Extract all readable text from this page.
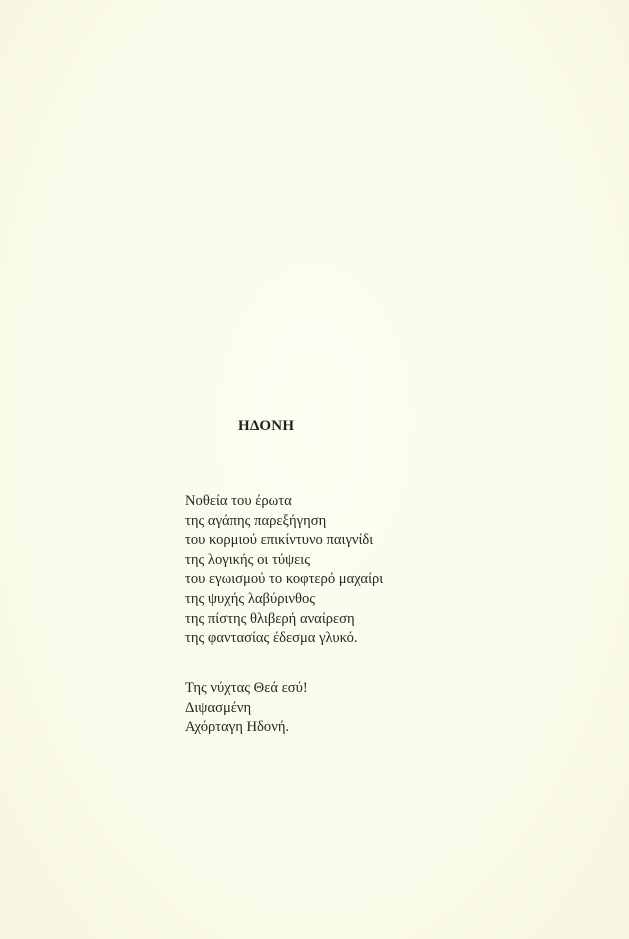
ΗΔΟΝΗ
Νοθεία του έρωτα
της αγάπης παρεξήγηση
του κορμιού επικίντυνο παιγνίδι
της λογικής οι τύψεις
του εγωισμού το κοφτερό μαχαίρι
της ψυχής λαβύρινθος
της πίστης θλιβερή αναίρεση
της φαντασίας έδεσμα γλυκό.
Της νύχτας Θεά εσύ!
Διψασμένη
Αχόρταγη Ηδονή.
